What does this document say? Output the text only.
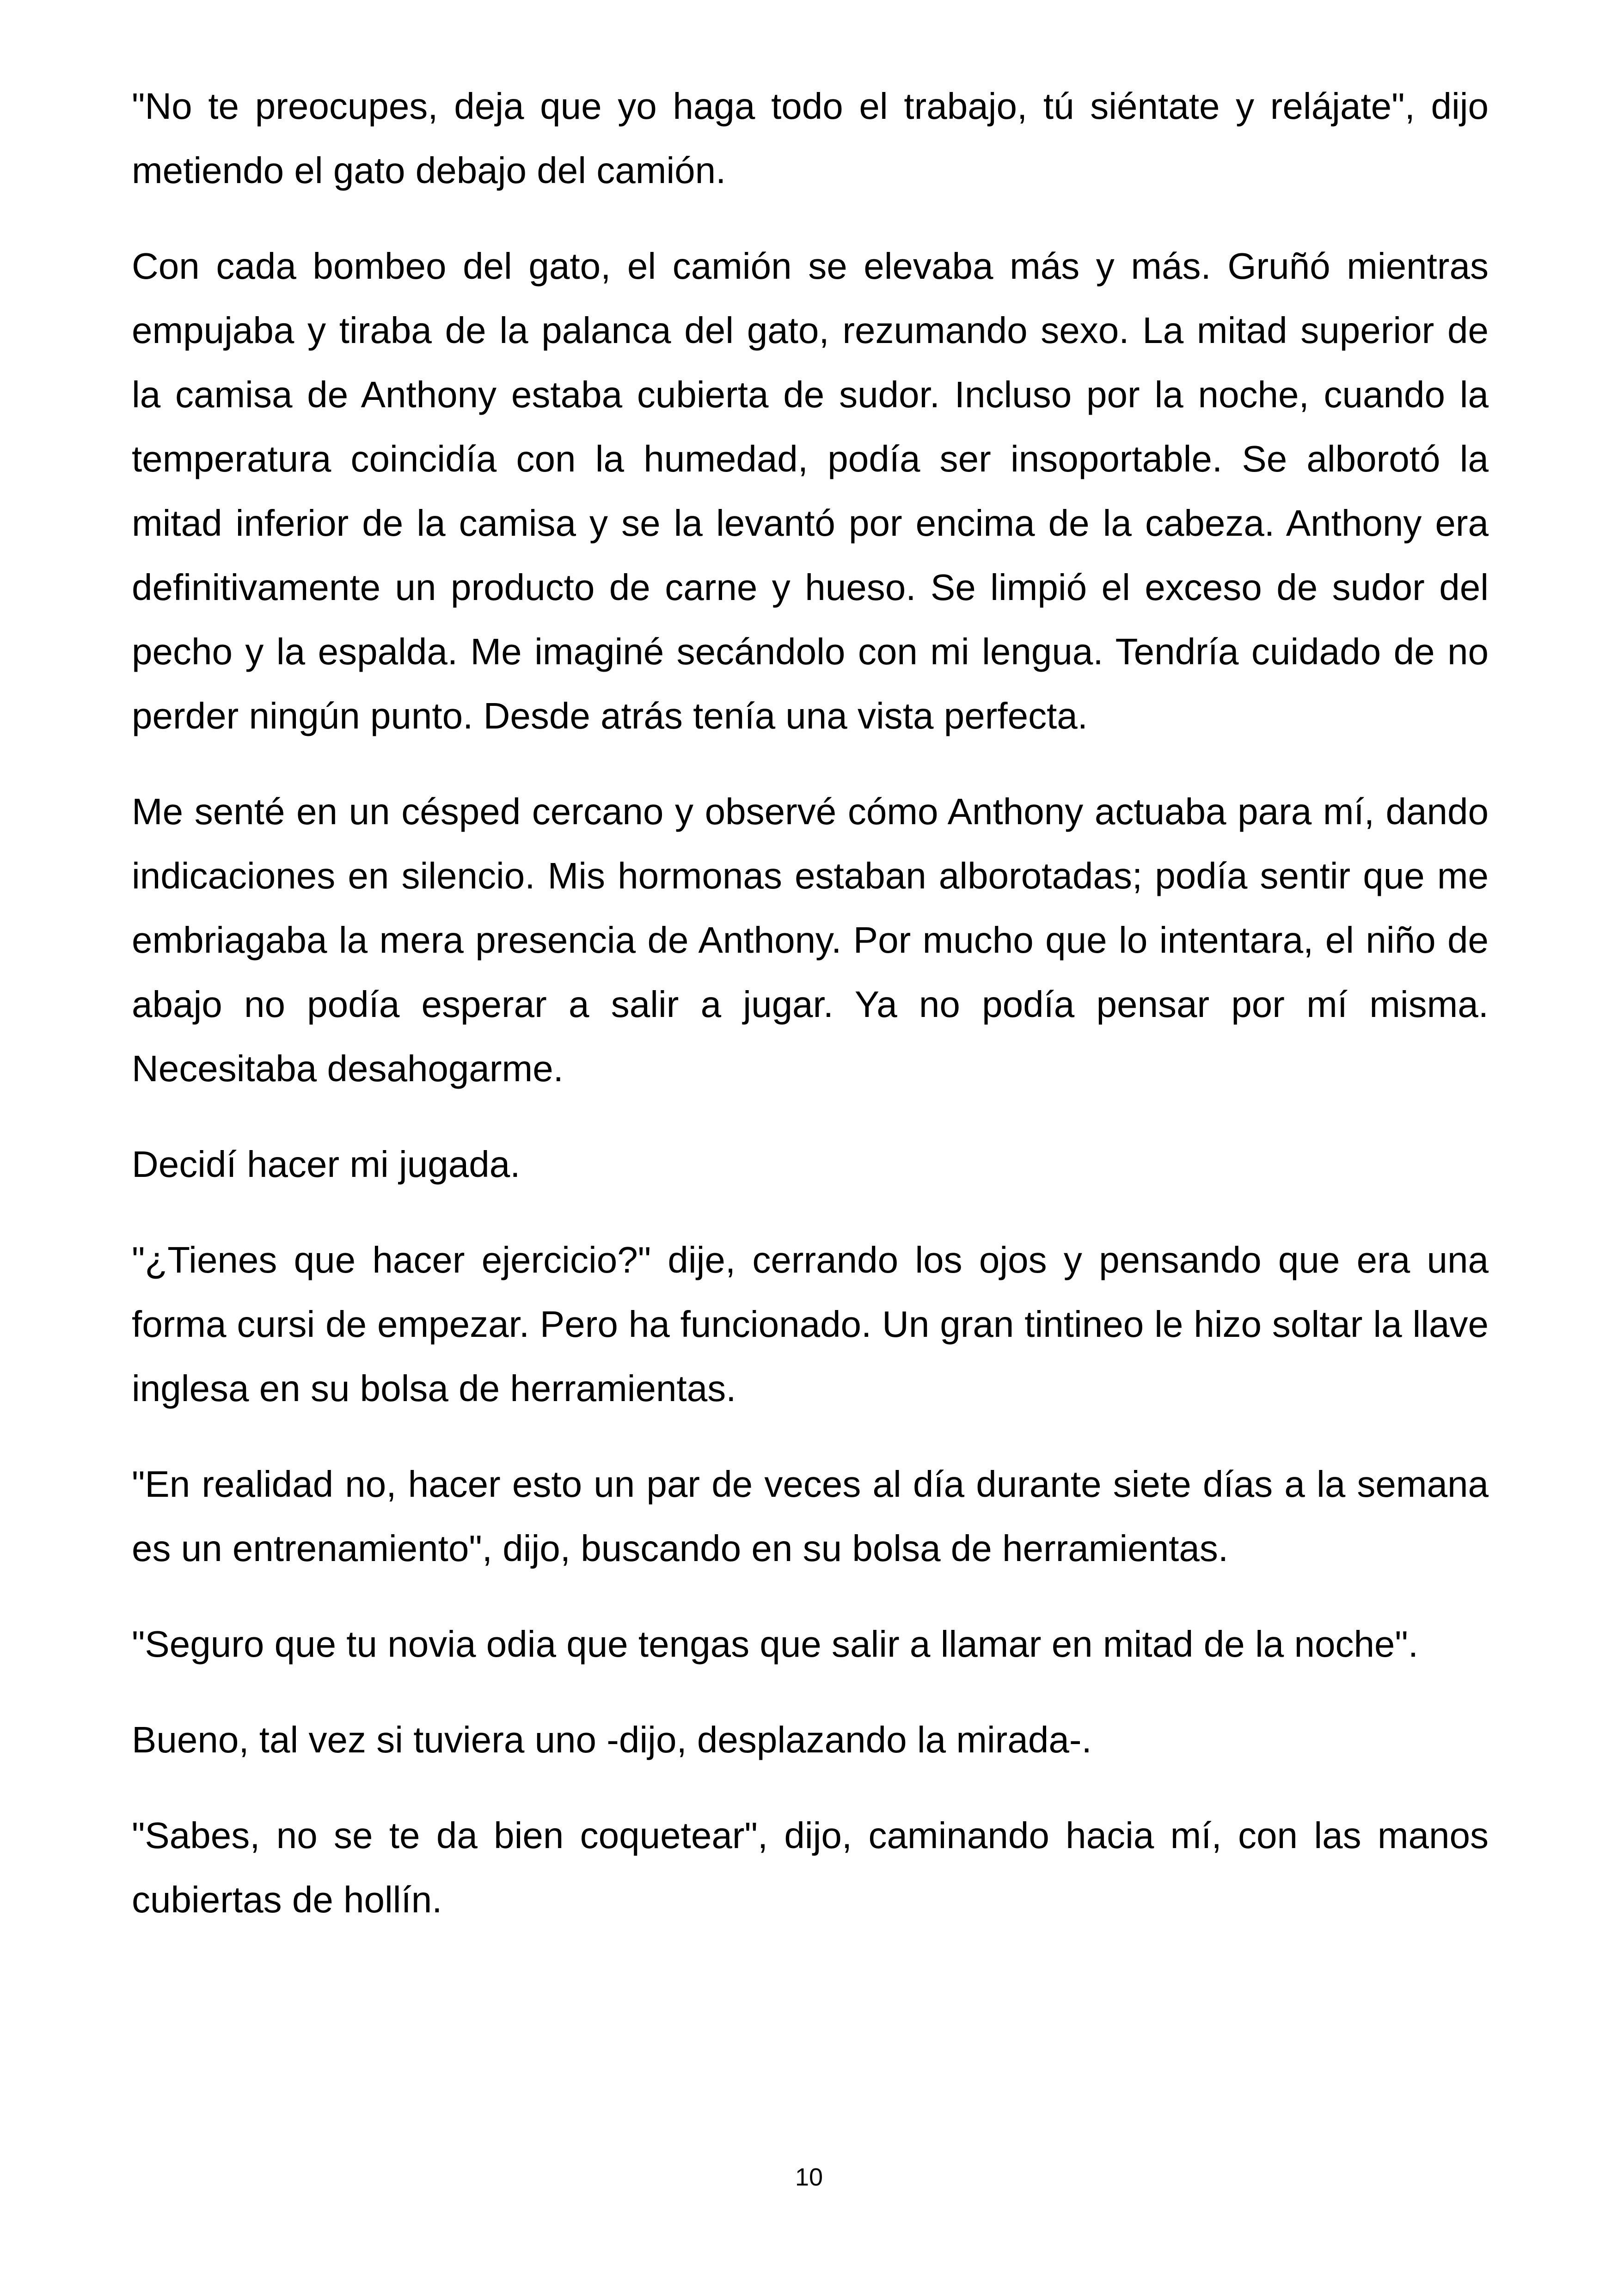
"No te preocupes, deja que yo haga todo el trabajo, tú siéntate y relájate", dijo metiendo el gato debajo del camión.

Con cada bombeo del gato, el camión se elevaba más y más. Gruñó mientras empujaba y tiraba de la palanca del gato, rezumando sexo. La mitad superior de la camisa de Anthony estaba cubierta de sudor. Incluso por la noche, cuando la temperatura coincidía con la humedad, podía ser insoportable. Se alborotó la mitad inferior de la camisa y se la levantó por encima de la cabeza. Anthony era definitivamente un producto de carne y hueso. Se limpió el exceso de sudor del pecho y la espalda. Me imaginé secándolo con mi lengua. Tendría cuidado de no perder ningún punto. Desde atrás tenía una vista perfecta.

Me senté en un césped cercano y observé cómo Anthony actuaba para mí, dando indicaciones en silencio. Mis hormonas estaban alborotadas; podía sentir que me embriagaba la mera presencia de Anthony. Por mucho que lo intentara, el niño de abajo no podía esperar a salir a jugar. Ya no podía pensar por mí misma. Necesitaba desahogarme.

Decidí hacer mi jugada.

"¿Tienes que hacer ejercicio?" dije, cerrando los ojos y pensando que era una forma cursi de empezar. Pero ha funcionado. Un gran tintineo le hizo soltar la llave inglesa en su bolsa de herramientas.

"En realidad no, hacer esto un par de veces al día durante siete días a la semana es un entrenamiento", dijo, buscando en su bolsa de herramientas.

"Seguro que tu novia odia que tengas que salir a llamar en mitad de la noche".

Bueno, tal vez si tuviera uno -dijo, desplazando la mirada-.

"Sabes, no se te da bien coquetear", dijo, caminando hacia mí, con las manos cubiertas de hollín.

10
